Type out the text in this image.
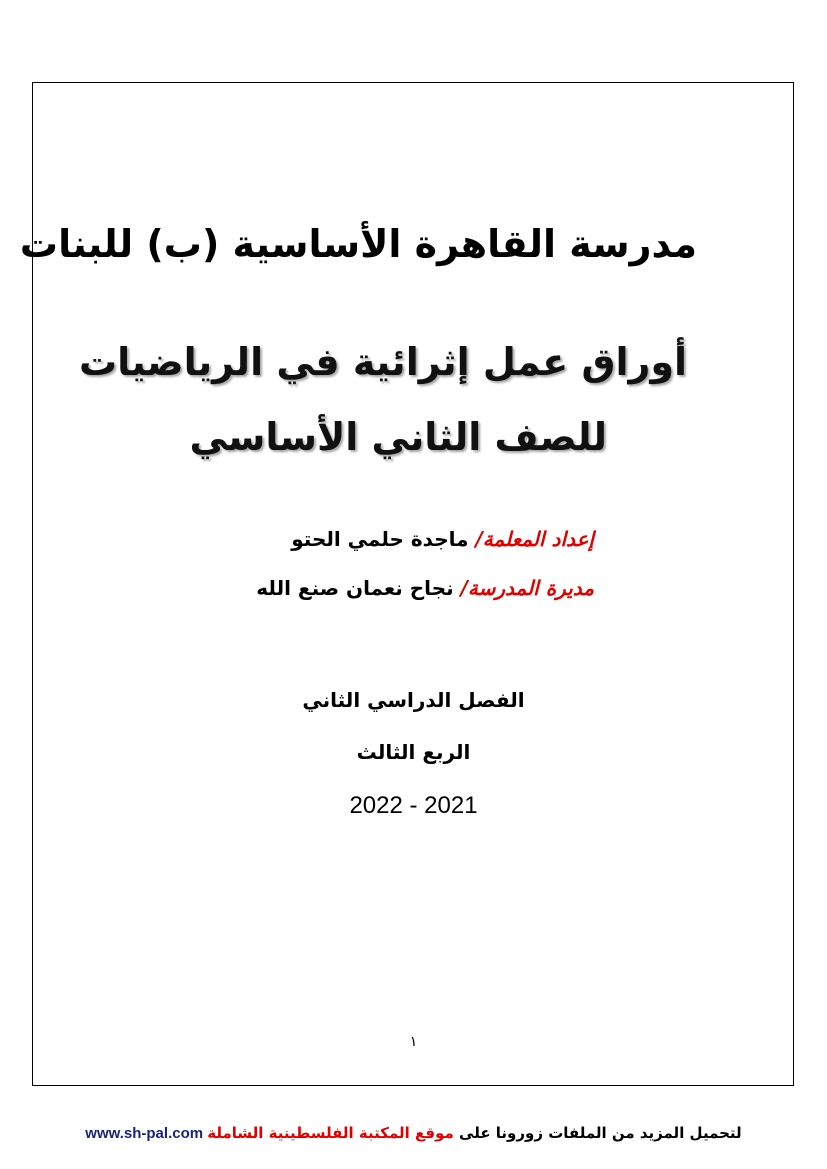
مدرسة القاهرة الأساسية (ب) للبنات
أوراق عمل إثرائية في الرياضيات
للصف الثاني الأساسي
إعداد المعلمة/ ماجدة حلمي الحتو
مديرة المدرسة/ نجاح نعمان صنع الله
الفصل الدراسي الثاني
الربع الثالث
2022 - 2021
١
لتحميل المزيد من الملفات زورونا على موقع المكتبة الفلسطينية الشاملة www.sh-pal.com
